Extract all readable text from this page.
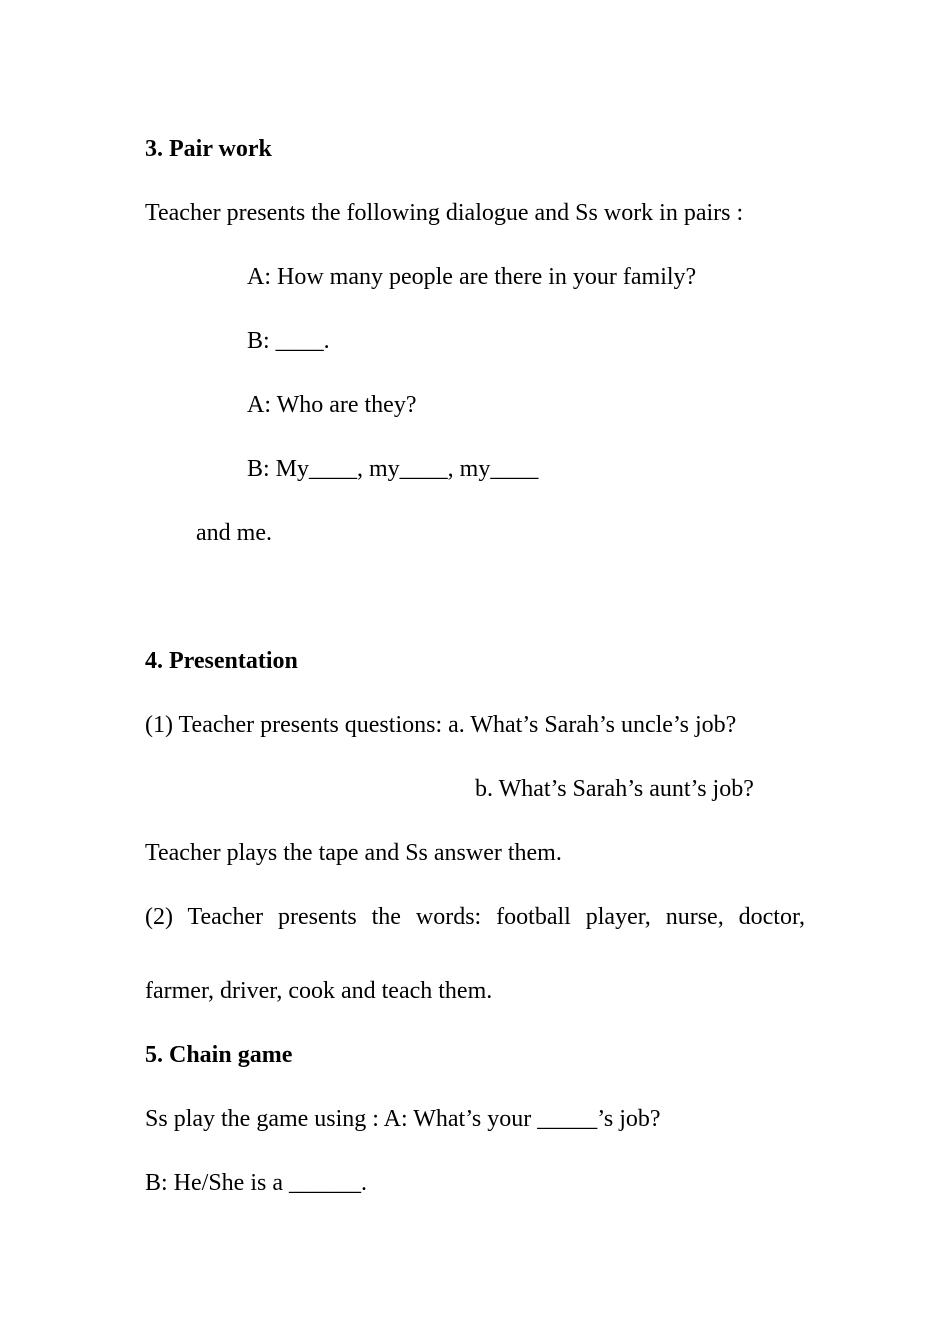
3. Pair work
Teacher presents the following dialogue and Ss work in pairs :
A: How many people are there in your family?
B: ____.
A: Who are they?
B: My____, my____, my____
and me.
4. Presentation
(1) Teacher presents questions: a. What’s Sarah’s uncle’s job?
b. What’s Sarah’s aunt’s job?
Teacher plays the tape and Ss answer them.
(2) Teacher presents the words: football player, nurse, doctor,
farmer, driver, cook and teach them.
5. Chain game
Ss play the game using : A: What’s your _____’s job?
B: He/She is a ______.
